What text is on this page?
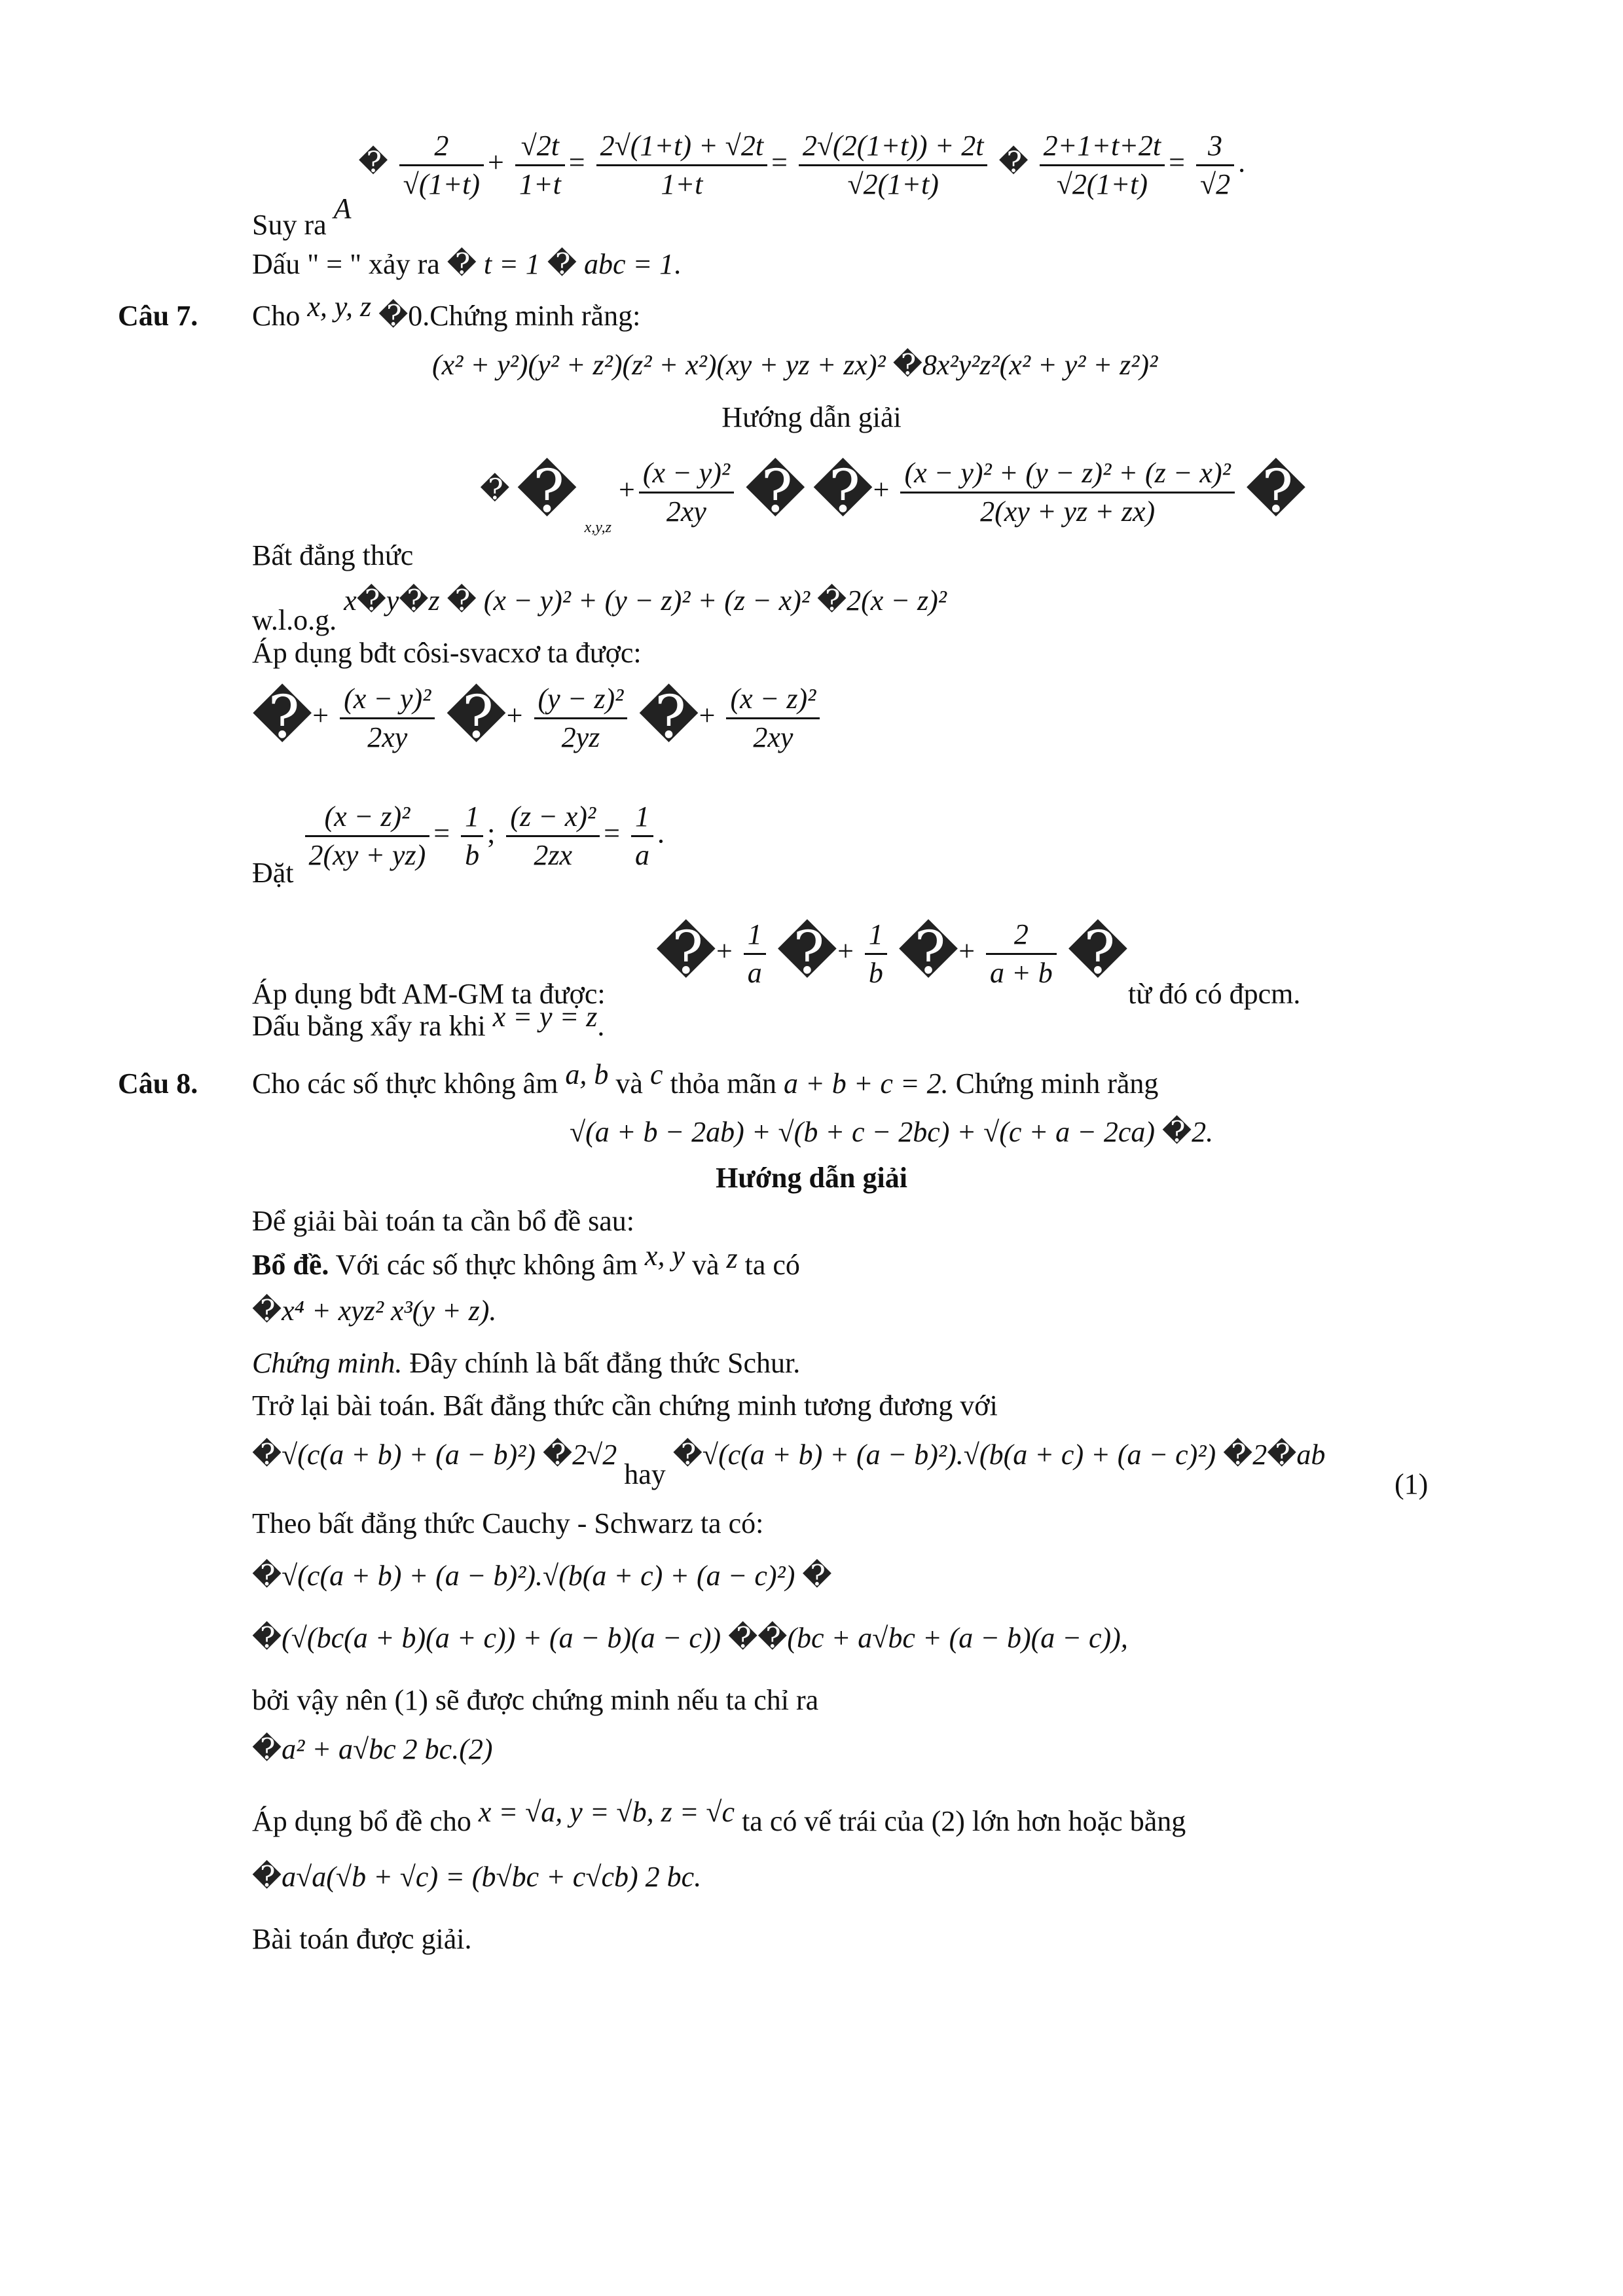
Suy ra A � $\frac{2}{√(1+t)} + \frac{√2t}{1+t} = \frac{2√(1+t) + √2t}{1+t} = \frac{2√(2(1+t)) + 2t}{√2(1+t)}$ � $\frac{2+1+t+2t}{√2(1+t)} = \frac{3}{√2}$ .
Dấu " = " xảy ra � t = 1 � abc = 1.
Câu 7. Cho x, y, z �0.Chứng minh rằng:
(x² + y²)(y² + z²)(z² + x²)(xy + yz + zx)² �8x²y²z²(x² + y² + z²)²
Hướng dẫn giải
Bất đẳng thức  � � $_{x,y,z} + \frac{\text{(x − y)²}}{2xy}$ � �+ $\frac{\text{(x − y)² + (y − z)² + (z − x)²}}{2(xy + yz + zx)}$ �
w.l.o.g. x�y�z � (x − y)² + (y − z)² + (z − x)² �2(x − z)²
Áp dụng bđt côsi-svacxơ ta được:
�+ $\frac{\text{(x − y)²}}{2xy}$ �+ $\frac{\text{(y − z)²}}{2yz}$ �+ $\frac{\text{(x − z)²}}{2xy}$
Đặt $\frac{\text{(x − z)²}}{2(xy + yz)} = \frac{1}{b}$ ; $\frac{\text{(z − x)²}}{2zx} = \frac{1}{a}$ .
Áp dụng bđt AM-GM ta được:  �+ $\frac{1}{a}$ �+ $\frac{1}{b}$ �+ $\frac{2}{a + b}$ �từ đó có đpcm.
Dấu bằng xẩy ra khi x = y = z.
Câu 8. Cho các số thực không âm a, b và c thỏa mãn a + b + c = 2. Chứng minh rằng
√(a + b − 2ab) + √(b + c − 2bc) + √(c + a − 2ca) �2.
Hướng dẫn giải
Để giải bài toán ta cần bổ đề sau:
Bổ đề. Với các số thực không âm x, y và z ta có
�x⁴ + xyz² x³(y + z).
Chứng minh. Đây chính là bất đẳng thức Schur.
Trở lại bài toán. Bất đẳng thức cần chứng minh tương đương với
�√(c(a + b) + (a − b)²) �2√2 hay �√(c(a + b) + (a − b)²).√(b(a + c) + (a − c)²) �2�ab
(1)
Theo bất đẳng thức Cauchy - Schwarz ta có:
�√(c(a + b) + (a − b)²).√(b(a + c) + (a − c)²) �
�(√(bc(a + b)(a + c)) + (a − b)(a − c)) ��(bc + a√bc + (a − b)(a − c)),
bởi vậy nên (1) sẽ được chứng minh nếu ta chỉ ra
�a² + a√bc 2 bc.(2)
Áp dụng bổ đề cho x = √a, y = √b, z = √c ta có vế trái của (2) lớn hơn hoặc bằng
�a√a(√b + √c) = (b√bc + c√cb) 2 bc.
Bài toán được giải.
